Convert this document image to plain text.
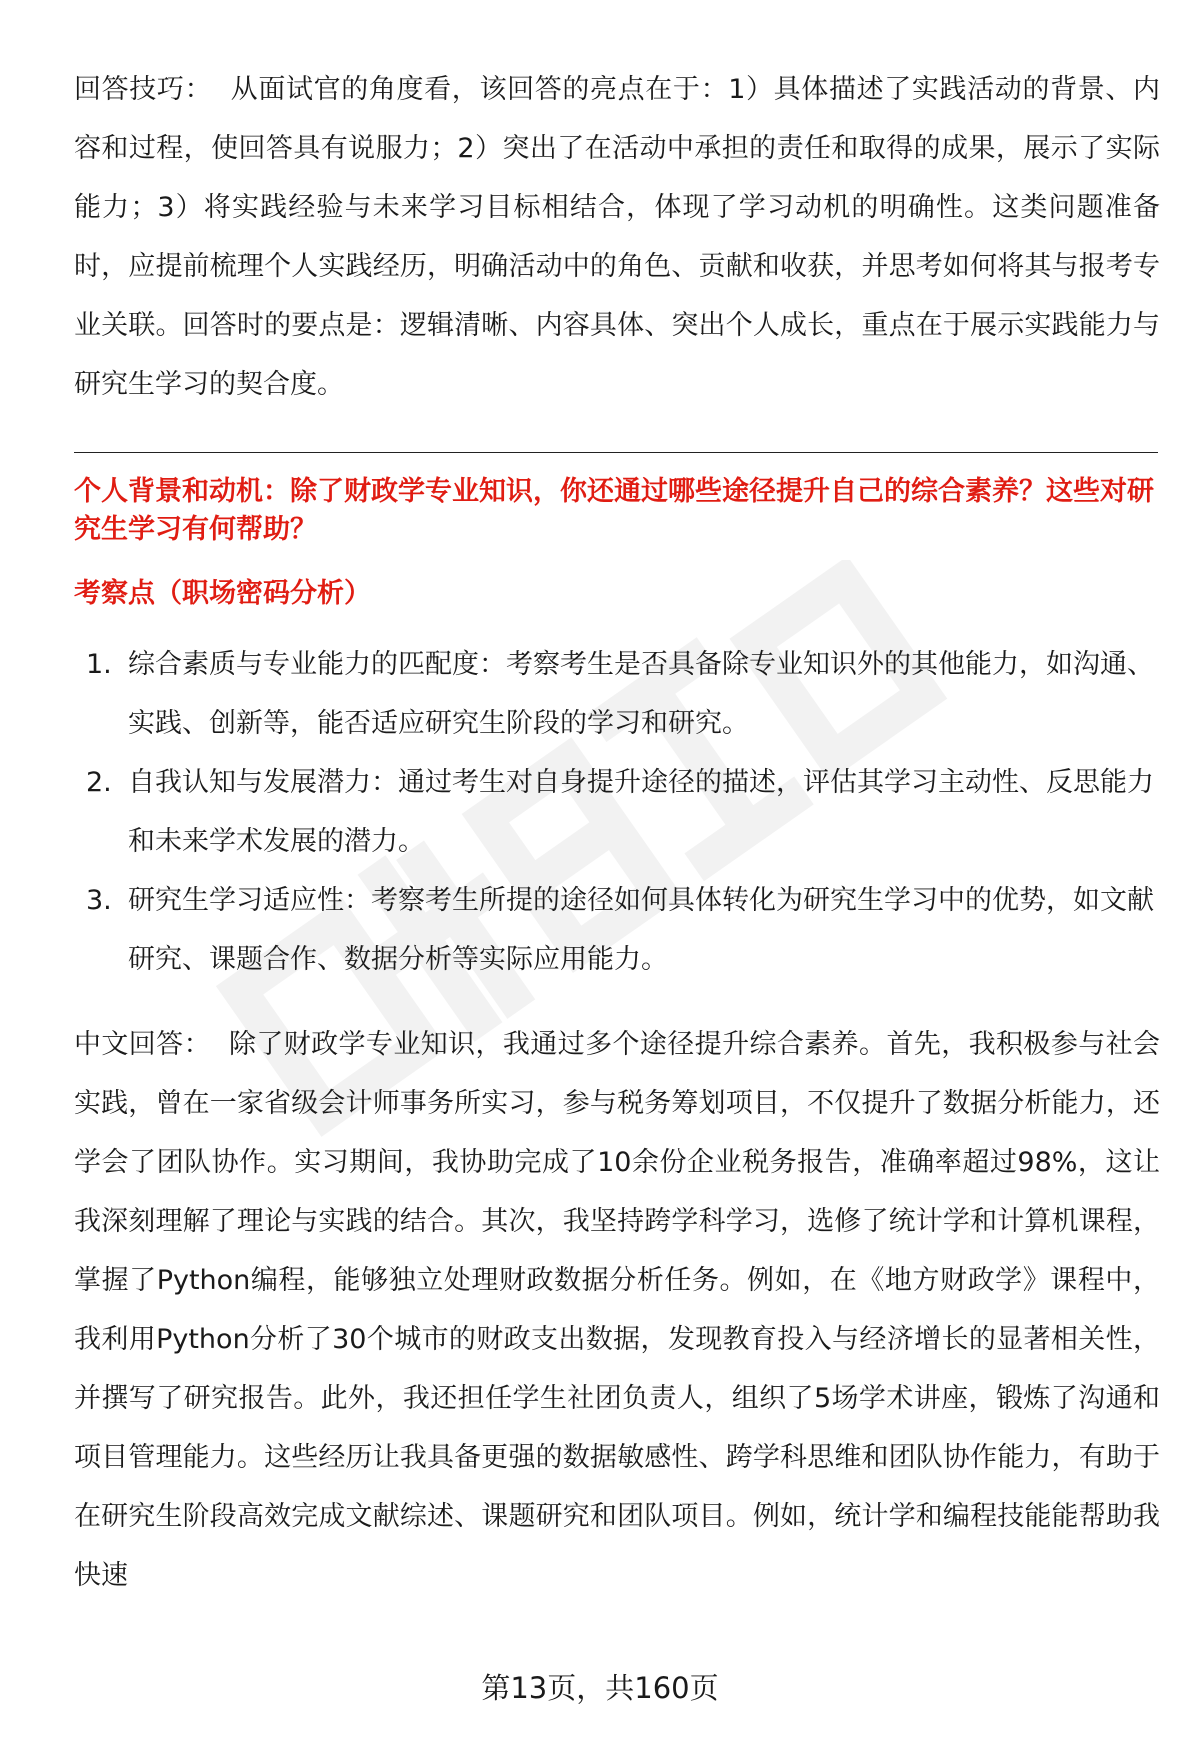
回答技巧： 从面试官的角度看，该回答的亮点在于：1）具体描述了实践活动的背景、内容和过程，使回答具有说服力；2）突出了在活动中承担的责任和取得的成果，展示了实际能力；3）将实践经验与未来学习目标相结合，体现了学习动机的明确性。这类问题准备时，应提前梳理个人实践经历，明确活动中的角色、贡献和收获，并思考如何将其与报考专业关联。回答时的要点是：逻辑清晰、内容具体、突出个人成长，重点在于展示实践能力与研究生学习的契合度。

个人背景和动机：除了财政学专业知识，你还通过哪些途径提升自己的综合素养？这些对研究生学习有何帮助？

考察点（职场密码分析）

1. 综合素质与专业能力的匹配度：考察考生是否具备除专业知识外的其他能力，如沟通、实践、创新等，能否适应研究生阶段的学习和研究。
2. 自我认知与发展潜力：通过考生对自身提升途径的描述，评估其学习主动性、反思能力和未来学术发展的潜力。
3. 研究生学习适应性：考察考生所提的途径如何具体转化为研究生学习中的优势，如文献研究、课题合作、数据分析等实际应用能力。

中文回答： 除了财政学专业知识，我通过多个途径提升综合素养。首先，我积极参与社会实践，曾在一家省级会计师事务所实习，参与税务筹划项目，不仅提升了数据分析能力，还学会了团队协作。实习期间，我协助完成了10余份企业税务报告，准确率超过98%，这让我深刻理解了理论与实践的结合。其次，我坚持跨学科学习，选修了统计学和计算机课程，掌握了Python编程，能够独立处理财政数据分析任务。例如，在《地方财政学》课程中，我利用Python分析了30个城市的财政支出数据，发现教育投入与经济增长的显著相关性，并撰写了研究报告。此外，我还担任学生社团负责人，组织了5场学术讲座，锻炼了沟通和项目管理能力。这些经历让我具备更强的数据敏感性、跨学科思维和团队协作能力，有助于在研究生阶段高效完成文献综述、课题研究和团队项目。例如，统计学和编程技能能帮助我快速

第13页，共160页
